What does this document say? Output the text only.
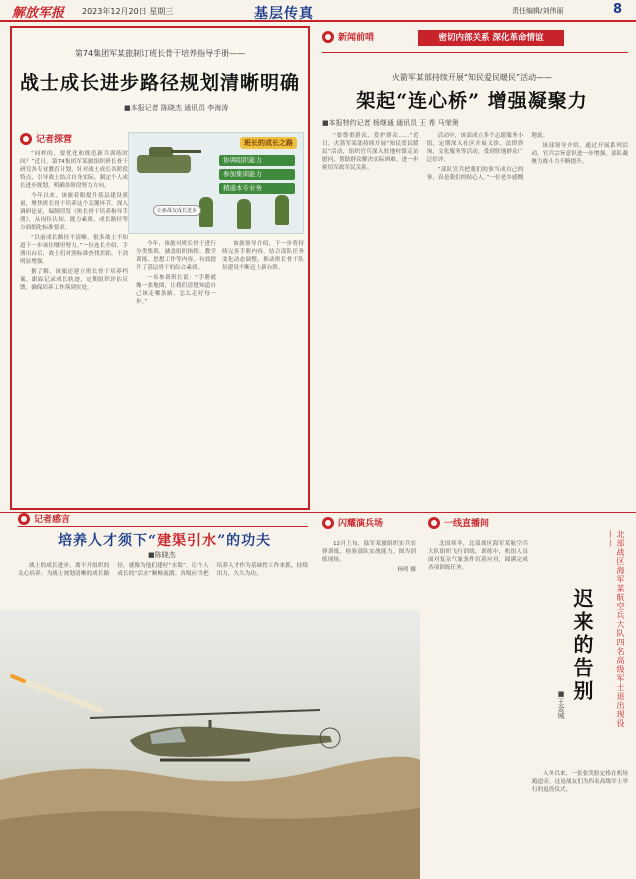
解放军报 2023年12月20日 星期三	基层传真	责任编辑/刘伟丽	8
第74集团军某旅制订班长骨干培养指导手册——
战士成长进步路径规划清晰明确
■本报记者 陈晓杰 通讯员 李海涛
记者探营

“同样的，要优化和规范新兵训练时间？”近日，第74集团军某旅组织班长骨干研究各专业教育计划，针对战士成长各阶段特点，引导战士结合自身实际，制定个人成长进步规划，明确各阶段努力方向。

今年以来，该旅着眼提升基层建设质量，聚焦班长骨干培养这个关键环节，深入调研论证，编制印发《班长骨干培养指导手册》，从岗位认知、能力素质、成长路径等方面细化标准要求。

“以前成长路径不清晰，很多战士不知道下一步该往哪里努力。”一位连长介绍，手册出台后，战士们对照标准查找差距，干劲明显增强。

据了解，该旅还建立班长骨干培养档案，跟踪记录成长轨迹，定期组织评估反馈，确保培养工作落到实处。

今年，该旅对班长骨干进行分类集训，涵盖组织指挥、教学训练、思想工作等内容，有效提升了基层骨干的综合素质。

一名参训班长说：“手册就像一张地图，让我们清楚知道自己该走哪条路、怎么走好每一步。”

该旅领导介绍，下一步将持续完善手册内容，结合部队任务变化动态调整，推动班长骨干队伍建设不断迈上新台阶。

班长的成长之路
协调组织能力
参加集训能力
精通本专业务
让新战友成长进步
记者感言
培养人才须下“建渠引水”的功夫
■陈晓杰

战士的成长进步，离不开组织的关心培养。为战士规划清晰的成长路径，就像为他们建好“水渠”，让个人成长的“活水”顺畅流淌。各级应当把培养人才作为基础性工作来抓，持续用力，久久为功。

新闻前哨	密切内部关系 深化革命情谊
火箭军某部持续开展“知民爱民暖民”活动——
架起“连心桥” 增强凝聚力
■本报特约记者 杨继通 通讯员 王 希 马荣奥

“要尊重群众、爱护群众……”近日，火箭军某部持续开展“知民爱民暖民”活动，组织官兵深入驻地村镇走访慰问，帮助群众解决实际困难，进一步密切军政军民关系。

活动中，该部成立多个志愿服务小组，定期深入社区开展义诊、法律咨询、文化服务等活动，受到驻地群众广泛好评。

“部队官兵把我们的事当成自己的事，真是我们的贴心人。”一位老乡感慨地说。

该部领导介绍，通过开展系列活动，官兵宗旨意识进一步增强，部队凝聚力战斗力不断提升。

闪耀演兵场

12月上旬，陆军某旅组织实兵实弹训练，检验部队实战能力。图为训练现场。

杨明 摄

一线直播间

北国寒冬，北部战区海军某航空兵大队组织飞行训练。训练中，机组人员面对复杂气象条件沉着应对，圆满完成各项训练任务。	北部战区海军某航空兵大队四名高级军士退出现役——
迟来的告别
■王金城

入冬以来，一张张笑脸定格在机场跑道旁，这是战友们为四名高级军士举行的退役仪式。
